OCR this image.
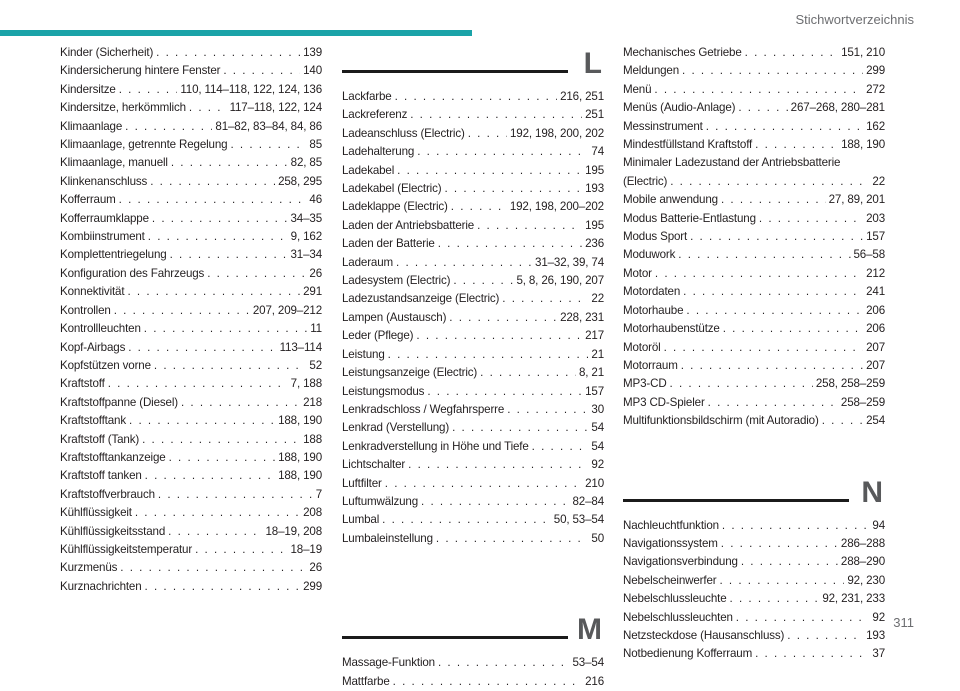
Stichwortverzeichnis
Kinder (Sicherheit) . . .	139
Kindersicherung hintere Fenster . . .	140
Kindersitze . . .	110, 114–118, 122, 124, 136
Kindersitze, herkömmlich . . .	117–118, 122, 124
Klimaanlage . . .	81–82, 83–84, 84, 86
Klimaanlage, getrennte Regelung . . .	85
Klimaanlage, manuell . . .	82, 85
Klinkenanschluss . . .	258, 295
Kofferraum . . .	46
Kofferraumklappe . . .	34–35
Kombiinstrument . . .	9, 162
Komplettentriegelung . . .	31–34
Konfiguration des Fahrzeugs . . .	26
Konnektivität . . .	291
Kontrollen . . .	207, 209–212
Kontrollleuchten . . .	11
Kopf-Airbags . . .	113–114
Kopfstützen vorne . . .	52
Kraftstoff . . .	7, 188
Kraftstoffpanne (Diesel) . . .	218
Kraftstofftank . . .	188, 190
Kraftstoff (Tank) . . .	188
Kraftstofftankanzeige . . .	188, 190
Kraftstoff tanken . . .	188, 190
Kraftstoffverbrauch . . .	7
Kühlflüssigkeit . . .	208
Kühlflüssigkeitsstand . . .	18–19, 208
Kühlflüssigkeitstemperatur . . .	18–19
Kurzmenüs . . .	26
Kurznachrichten . . .	299
L
Lackfarbe . . .	216, 251
Lackreferenz . . .	251
Ladeanschluss (Electric) . . .	192, 198, 200, 202
Ladehalterung . . .	74
Ladekabel . . .	195
Ladekabel (Electric) . . .	193
Ladeklappe (Electric) . . .	192, 198, 200–202
Laden der Antriebsbatterie . . .	195
Laden der Batterie . . .	236
Laderaum . . .	31–32, 39, 74
Ladesystem (Electric) . . .	5, 8, 26, 190, 207
Ladezustandsanzeige (Electric) . . .	22
Lampen (Austausch) . . .	228, 231
Leder (Pflege) . . .	217
Leistung . . .	21
Leistungsanzeige (Electric) . . .	8, 21
Leistungsmodus . . .	157
Lenkradschloss / Wegfahrsperre . . .	30
Lenkrad (Verstellung) . . .	54
Lenkradverstellung in Höhe und Tiefe . . .	54
Lichtschalter . . .	92
Luftfilter . . .	210
Luftumwälzung . . .	82–84
Lumbal . . .	50, 53–54
Lumbaleinstellung . . .	50
M
Massage-Funktion . . .	53–54
Mattfarbe . . .	216
Mechanisches Getriebe . . .	151, 210
Meldungen . . .	299
Menü . . .	272
Menüs (Audio-Anlage) . . .	267–268, 280–281
Messinstrument . . .	162
Mindestfüllstand Kraftstoff . . .	188, 190
Minimaler Ladezustand der Antriebsbatterie
(Electric) . . .	22
Mobile anwendung . . .	27, 89, 201
Modus Batterie-Entlastung . . .	203
Modus Sport . . .	157
Moduwork . . .	56–58
Motor . . .	212
Motordaten . . .	241
Motorhaube . . .	206
Motorhaubenstütze . . .	206
Motoröl . . .	207
Motorraum . . .	207
MP3-CD . . .	258, 258–259
MP3 CD-Spieler . . .	258–259
Multifunktionsbildschirm (mit Autoradio) . . .	254
N
Nachleuchtfunktion . . .	94
Navigationssystem . . .	286–288
Navigationsverbindung . . .	288–290
Nebelscheinwerfer . . .	92, 230
Nebelschlussleuchte . . .	92, 231, 233
Nebelschlussleuchten . . .	92
Netzsteckdose (Hausanschluss) . . .	193
Notbedienung Kofferraum . . .	37
311
